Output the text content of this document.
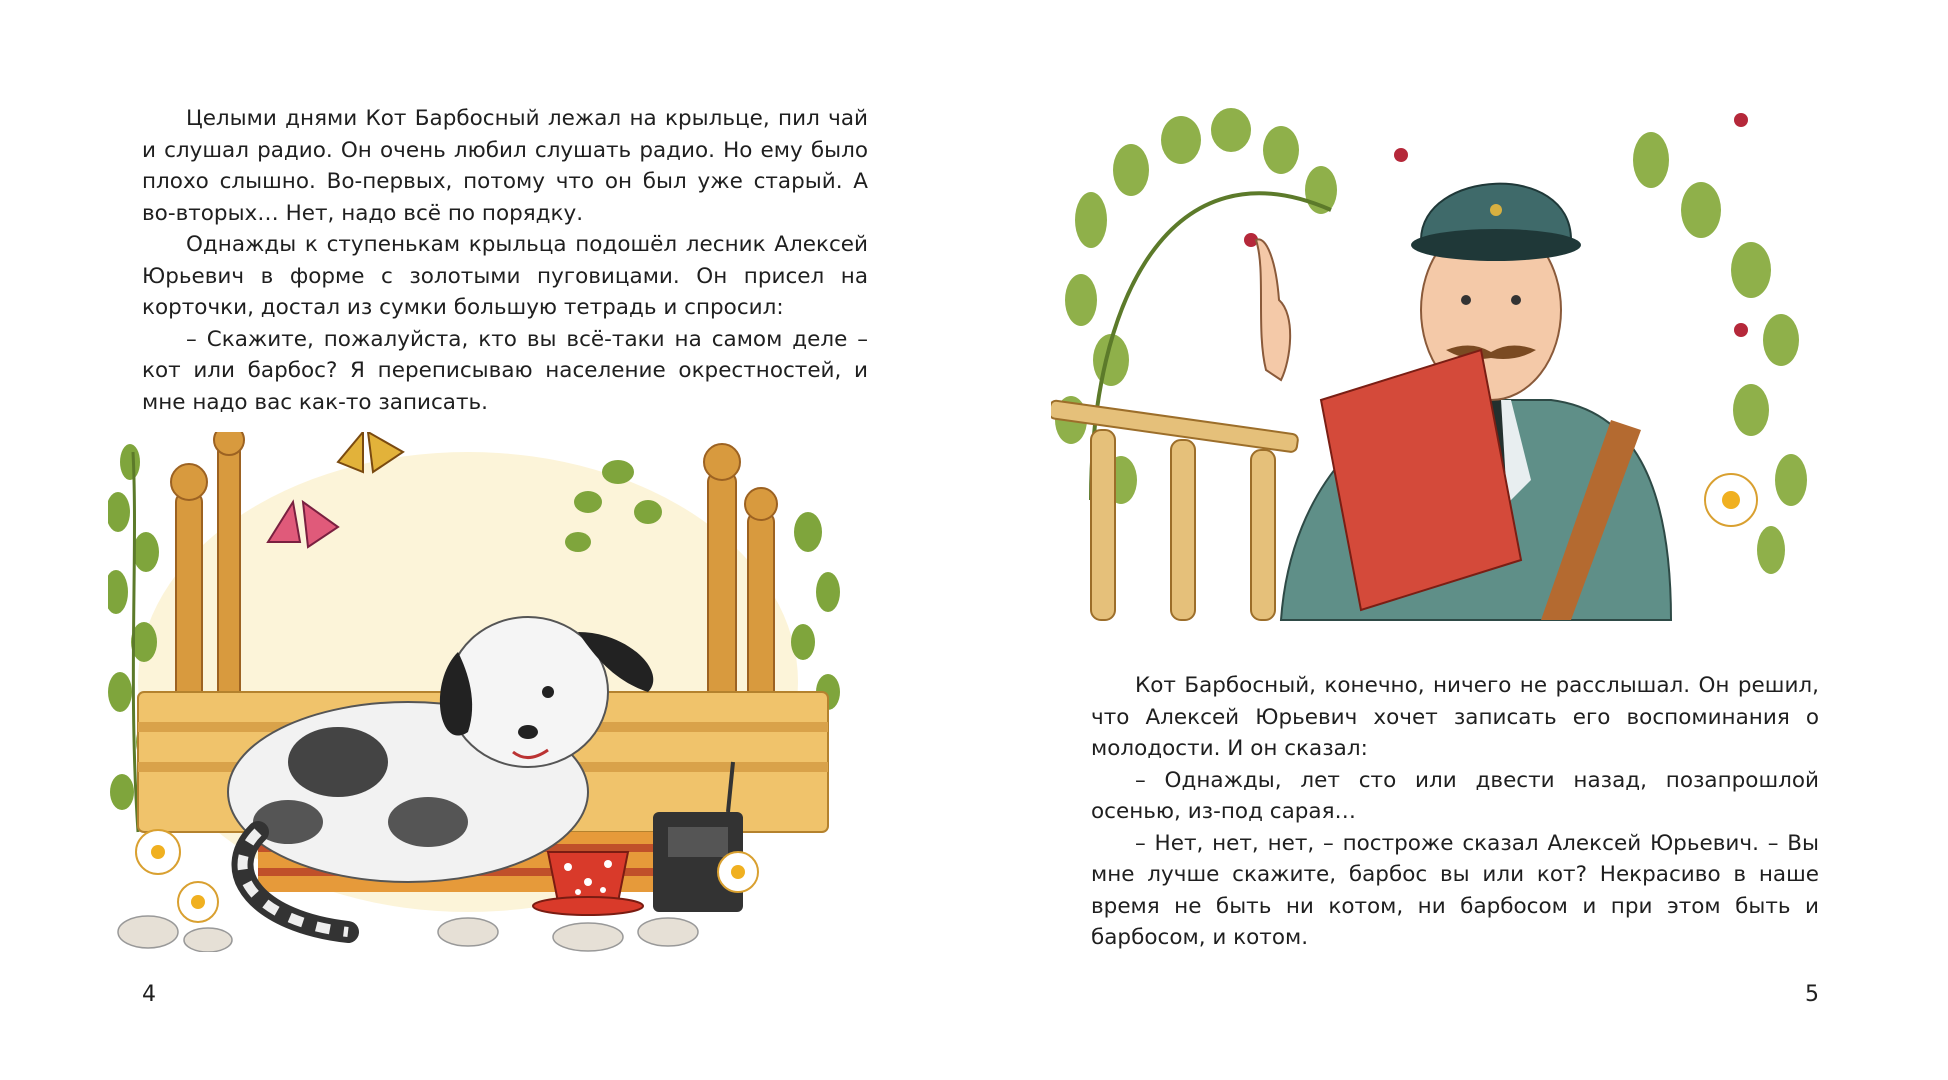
Целыми днями Кот Барбосный лежал на крыльце, пил чай и слушал радио. Он очень любил слушать радио. Но ему было плохо слышно. Во-первых, потому что он был уже старый. А во-вторых… Нет, надо всё по порядку.

Однажды к ступенькам крыльца подошёл лесник Алексей Юрьевич в форме с золотыми пуговицами. Он присел на корточки, достал из сумки большую тетрадь и спросил:

– Скажите, пожалуйста, кто вы всё-таки на самом деле – кот или барбос? Я переписываю население окрестностей, и мне надо вас как-то записать.

4

Кот Барбосный, конечно, ничего не расслышал. Он решил, что Алексей Юрьевич хочет записать его воспоминания о молодости. И он сказал:

– Однажды, лет сто или двести назад, позапрошлой осенью, из-под сарая…

– Нет, нет, нет, – построже сказал Алексей Юрьевич. – Вы мне лучше скажите, барбос вы или кот? Некрасиво в наше время не быть ни котом, ни барбосом и при этом быть и барбосом, и котом.

5
